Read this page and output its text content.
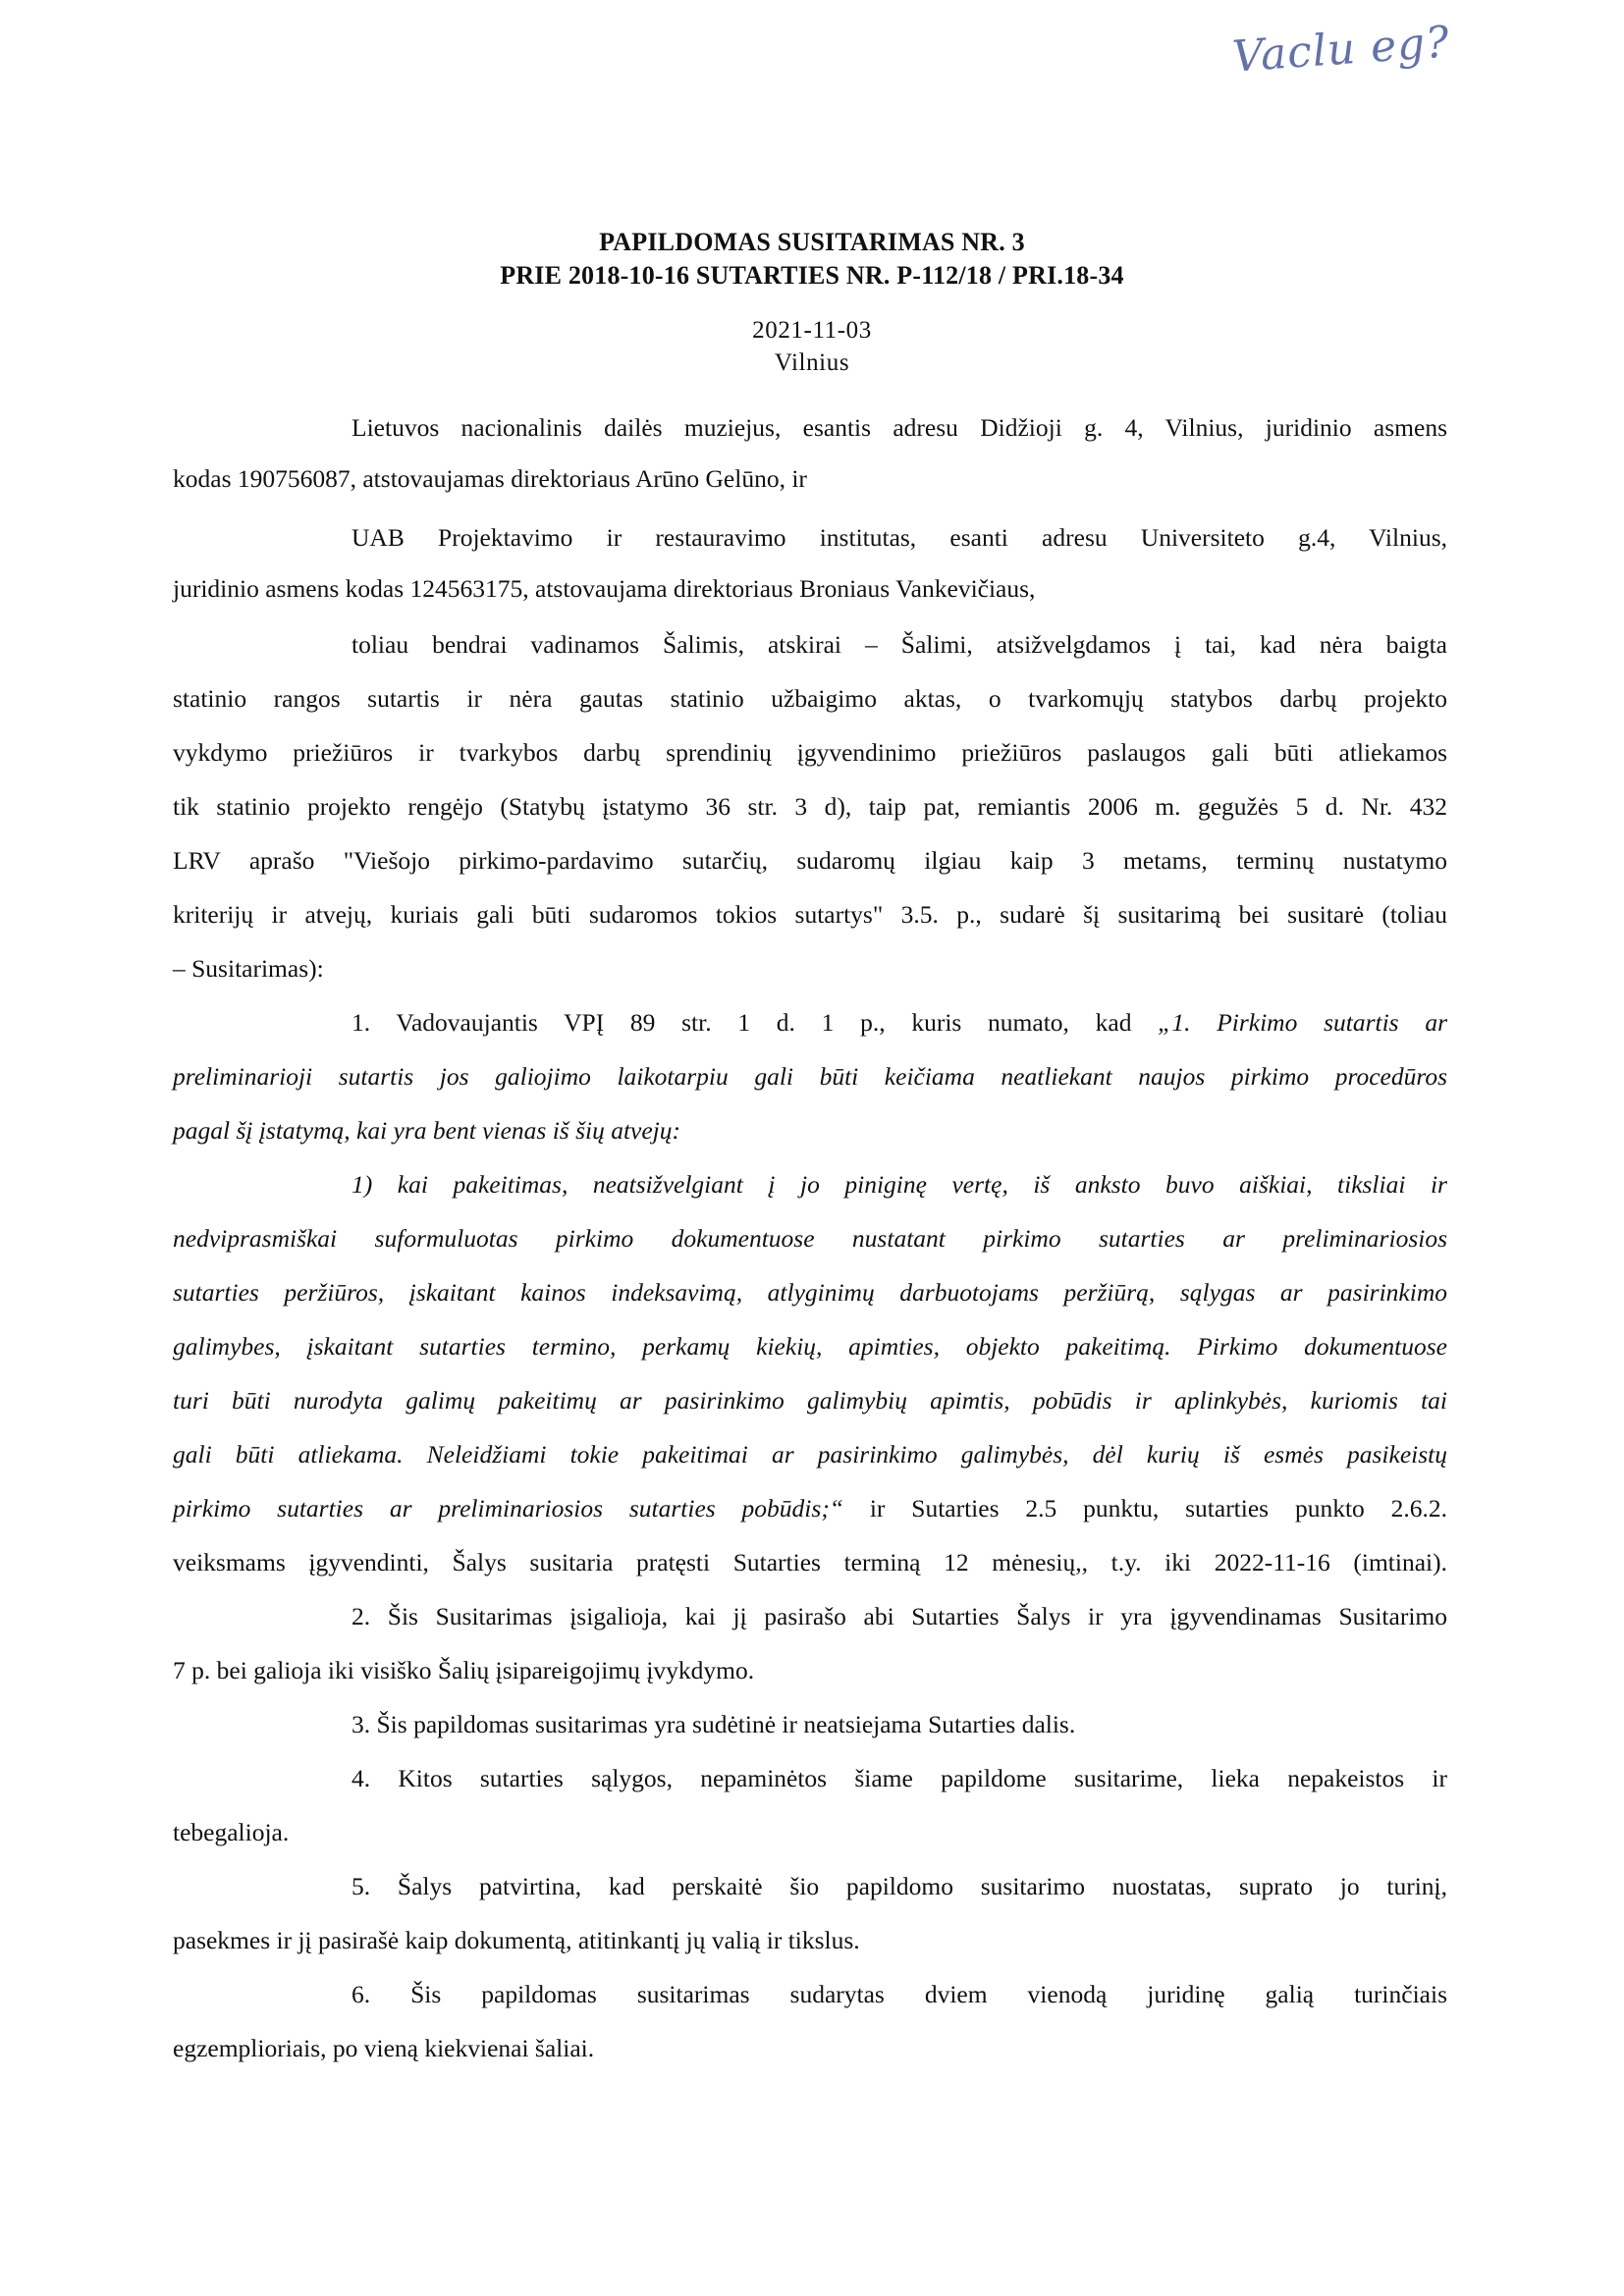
Vaclu eg?
PAPILDOMAS SUSITARIMAS NR. 3
PRIE 2018-10-16 SUTARTIES NR. P-112/18 / PRI.18-34
2021-11-03
Vilnius
Lietuvos nacionalinis dailės muziejus, esantis adresu Didžioji g. 4, Vilnius, juridinio asmens
kodas 190756087, atstovaujamas direktoriaus Arūno Gelūno, ir
UAB Projektavimo ir restauravimo institutas, esanti adresu Universiteto g.4, Vilnius,
juridinio asmens kodas 124563175, atstovaujama direktoriaus Broniaus Vankevičiaus,
toliau bendrai vadinamos Šalimis, atskirai – Šalimi, atsižvelgdamos į tai, kad nėra baigta
statinio rangos sutartis ir nėra gautas statinio užbaigimo aktas, o tvarkomųjų statybos darbų projekto
vykdymo priežiūros ir tvarkybos darbų sprendinių įgyvendinimo priežiūros paslaugos gali būti atliekamos
tik statinio projekto rengėjo (Statybų įstatymo 36 str. 3 d), taip pat, remiantis 2006 m. gegužės 5 d. Nr. 432
LRV aprašo "Viešojo pirkimo-pardavimo sutarčių, sudaromų ilgiau kaip 3 metams, terminų nustatymo
kriterijų ir atvejų, kuriais gali būti sudaromos tokios sutartys" 3.5. p., sudarė šį susitarimą bei susitarė (toliau
– Susitarimas):
1. Vadovaujantis VPĮ 89 str. 1 d. 1 p., kuris numato, kad „1. Pirkimo sutartis ar
preliminarioji sutartis jos galiojimo laikotarpiu gali būti keičiama neatliekant naujos pirkimo procedūros
pagal šį įstatymą, kai yra bent vienas iš šių atvejų:
1) kai pakeitimas, neatsižvelgiant į jo piniginę vertę, iš anksto buvo aiškiai, tiksliai ir
nedviprasmiškai suformuluotas pirkimo dokumentuose nustatant pirkimo sutarties ar preliminariosios
sutarties peržiūros, įskaitant kainos indeksavimą, atlyginimų darbuotojams peržiūrą, sąlygas ar pasirinkimo
galimybes, įskaitant sutarties termino, perkamų kiekių, apimties, objekto pakeitimą. Pirkimo dokumentuose
turi būti nurodyta galimų pakeitimų ar pasirinkimo galimybių apimtis, pobūdis ir aplinkybės, kuriomis tai
gali būti atliekama. Neleidžiami tokie pakeitimai ar pasirinkimo galimybės, dėl kurių iš esmės pasikeistų
pirkimo sutarties ar preliminariosios sutarties pobūdis;“ ir Sutarties 2.5 punktu, sutarties punkto 2.6.2.
veiksmams įgyvendinti, Šalys susitaria pratęsti Sutarties terminą 12 mėnesių,, t.y. iki 2022-11-16 (imtinai).
2. Šis Susitarimas įsigalioja, kai jį pasirašo abi Sutarties Šalys ir yra įgyvendinamas Susitarimo
7 p. bei galioja iki visiško Šalių įsipareigojimų įvykdymo.
3. Šis papildomas susitarimas yra sudėtinė ir neatsiejama Sutarties dalis.
4. Kitos sutarties sąlygos, nepaminėtos šiame papildome susitarime, lieka nepakeistos ir
tebegalioja.
5. Šalys patvirtina, kad perskaitė šio papildomo susitarimo nuostatas, suprato jo turinį,
pasekmes ir jį pasirašė kaip dokumentą, atitinkantį jų valią ir tikslus.
6. Šis papildomas susitarimas sudarytas dviem vienodą juridinę galią turinčiais
egzemplioriais, po vieną kiekvienai šaliai.
